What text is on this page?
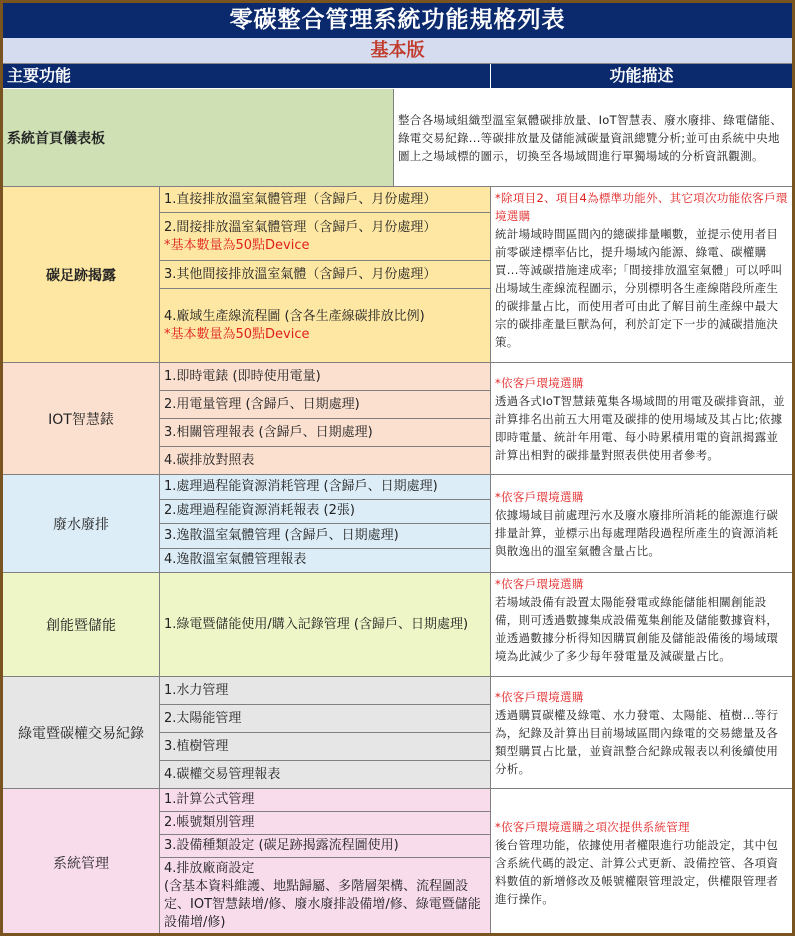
零碳整合管理系統功能規格列表
基本版
主要功能	功能描述
系統首頁儀表板
整合各場域組織型溫室氣體碳排放量、IoT智慧表、廢水廢排、綠電儲能、綠電交易紀錄...等碳排放量及儲能減碳量資訊總覽分析;並可由系統中央地圖上之場域標的圖示，切換至各場域間進行單獨場域的分析資訊觀測。
碳足跡揭露
1.直接排放溫室氣體管理（含歸戶、月份處理）
2.間接排放溫室氣體管理（含歸戶、月份處理）
*基本數量為50點Device
3.其他間接排放溫室氣體（含歸戶、月份處理）
4.廠域生產線流程圖 (含各生產線碳排放比例)
*基本數量為50點Device
*除項目2、項目4為標準功能外、其它項次功能依客戶環境選購
統計場域時間區間內的總碳排量噸數，並提示使用者目前零碳達標率佔比，提升場域內能源、綠電、碳權購買...等減碳措施達成率;「間接排放溫室氣體」可以呼叫出場域生產線流程圖示，分別標明各生產線階段所產生的碳排量占比，而使用者可由此了解目前生產線中最大宗的碳排產量巨獸為何，利於訂定下一步的減碳措施決策。
IOT智慧錶
1.即時電錶 (即時使用電量)
2.用電量管理 (含歸戶、日期處理)
3.相關管理報表 (含歸戶、日期處理)
4.碳排放對照表
*依客戶環境選購
透過各式IoT智慧錶蒐集各場域間的用電及碳排資訊，並計算排名出前五大用電及碳排的使用場域及其占比;依據即時電量、統計年用電、每小時累積用電的資訊揭露並計算出相對的碳排量對照表供使用者參考。
廢水廢排
1.處理過程能資源消耗管理 (含歸戶、日期處理)
2.處理過程能資源消耗報表 (2張)
3.逸散溫室氣體管理 (含歸戶、日期處理)
4.逸散溫室氣體管理報表
*依客戶環境選購
依據場域目前處理污水及廢水廢排所消耗的能源進行碳排量計算，並標示出每處理階段過程所產生的資源消耗與散逸出的溫室氣體含量占比。
創能暨儲能	1.綠電暨儲能使用/購入記錄管理 (含歸戶、日期處理)
*依客戶環境選購
若場域設備有設置太陽能發電或綠能儲能相關創能設備，則可透過數據集成設備蒐集創能及儲能數據資料，並透過數據分析得知因購買創能及儲能設備後的場域環境為此減少了多少每年發電量及減碳量占比。
綠電暨碳權交易紀錄
1.水力管理
2.太陽能管理
3.植樹管理
4.碳權交易管理報表
*依客戶環境選購
透過購買碳權及綠電、水力發電、太陽能、植樹...等行為，紀錄及計算出目前場域區間內綠電的交易總量及各類型購買占比量，並資訊整合紀錄成報表以利後續使用分析。
系統管理
1.計算公式管理
2.帳號類別管理
3.設備種類設定 (碳足跡揭露流程圖使用)
4.排放廠商設定
(含基本資料維護、地點歸屬、多階層架構、流程圖設定、IOT智慧錶增/修、廢水廢排設備增/修、綠電暨儲能設備增/修)
*依客戶環境選購之項次提供系統管理
後台管理功能，依據使用者權限進行功能設定，其中包含系統代碼的設定、計算公式更新、設備控管、各項資料數值的新增修改及帳號權限管理設定，供權限管理者進行操作。
